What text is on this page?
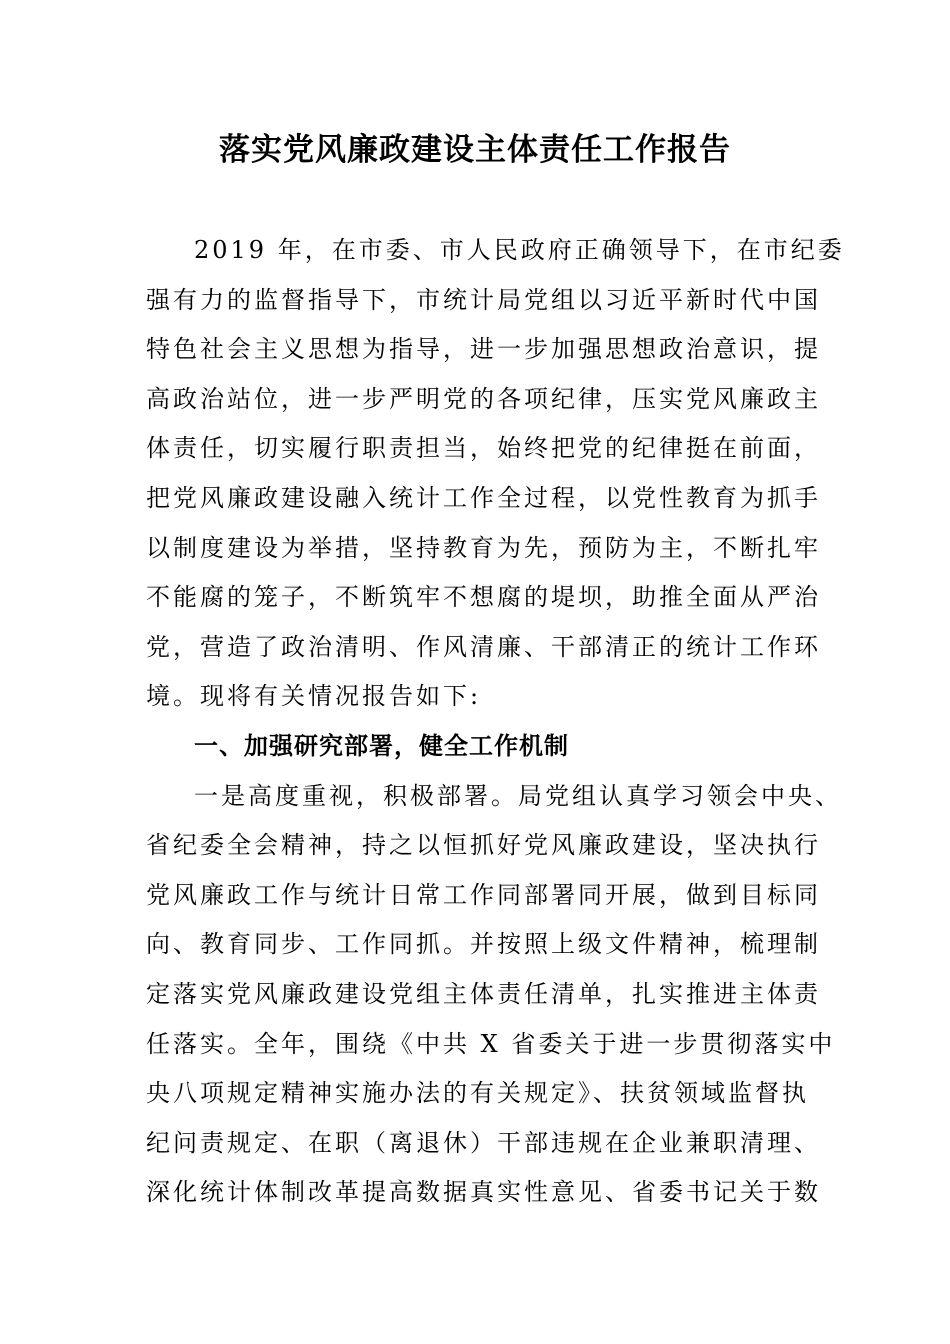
落实党风廉政建设主体责任工作报告

2019 年，在市委、市人民政府正确领导下，在市纪委

强有力的监督指导下，市统计局党组以习近平新时代中国

特色社会主义思想为指导，进一步加强思想政治意识，提

高政治站位，进一步严明党的各项纪律，压实党风廉政主

体责任，切实履行职责担当，始终把党的纪律挺在前面，

把党风廉政建设融入统计工作全过程，以党性教育为抓手

以制度建设为举措，坚持教育为先，预防为主，不断扎牢

不能腐的笼子，不断筑牢不想腐的堤坝，助推全面从严治

党，营造了政治清明、作风清廉、干部清正的统计工作环

境。现将有关情况报告如下:

一、加强研究部署，健全工作机制

一是高度重视，积极部署。局党组认真学习领会中央、

省纪委全会精神，持之以恒抓好党风廉政建设，坚决执行

党风廉政工作与统计日常工作同部署同开展，做到目标同

向、教育同步、工作同抓。并按照上级文件精神，梳理制

定落实党风廉政建设党组主体责任清单，扎实推进主体责

任落实。全年，围绕《中共 X 省委关于进一步贯彻落实中

央八项规定精神实施办法的有关规定》、扶贫领域监督执

纪问责规定、在职（离退休）干部违规在企业兼职清理、

深化统计体制改革提高数据真实性意见、省委书记关于数
